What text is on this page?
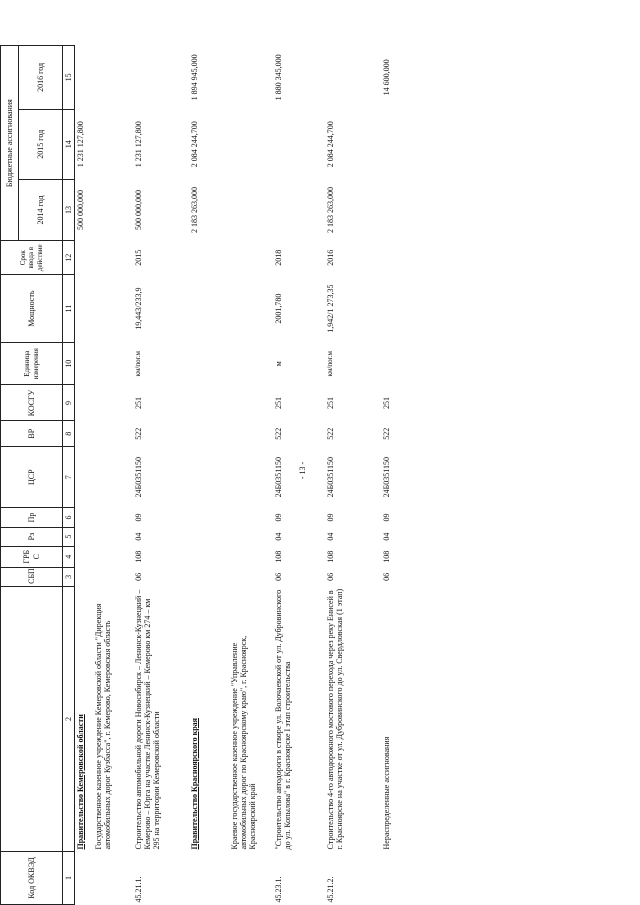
Код ОКВЭД		СБП	ГРБ С	Рз	Пр	ЦСР	ВР	КОСГУ	Единица измерения	Мощность	Срок ввода в действие	Бюджетные ассигнования		
												2014 год	2015 год	2016 год
1	2	3	4	5	6	7	8	9	10	11	12	13	14	15
	Правительство Кемеровской области											500 000,000	1 231 127,800	
	Государственное казенное учреждение Кемеровской области "Дирекция автомобильных дорог Кузбасса", г. Кемерово, Кемеровская область													
45.21.1.	Строительство автомобильной дороги Новосибирск – Ленинск-Кузнецкий – Кемерово – Юрга на участке Ленинск-Кузнецкий – Кемерово км 274 – км 295 на территории Кемеровской области	06	108	04	09	24Б0351150	522	251	км/пог.м	19,443/233,9	2015	500 000,000	1 231 127,800	
	Правительство Красноярского края											2 183 263,000	2 084 244,700	1 894 945,000
	Краевое государственное казенное учреждение "Управление автомобильных дорог по Красноярскому краю", г. Красноярск, Красноярский край													
45.23.1.	"Строительство автодороги в створе ул. Волочаевской от ул. Дубровинского до ул. Копылова" в г. Красноярске I этап строительства	06	108	04	09	24Б0351150	522	251	м	2001,780	2018			1 880 345,000
45.21.2.	Строительство 4-го автодорожного мостового перехода через реку Енисей в г. Красноярске на участке от ул. Дубровинского до ул. Свердловская (1 этап)	06	108	04	09	24Б0351150	522	251	км/пог.м	1,942/1 273,35	2016	2 183 263,000	2 084 244,700	
	Нераспределенные ассигнования	06	108	04	09	24Б0351150	522	251						14 600,000
- 13 -
